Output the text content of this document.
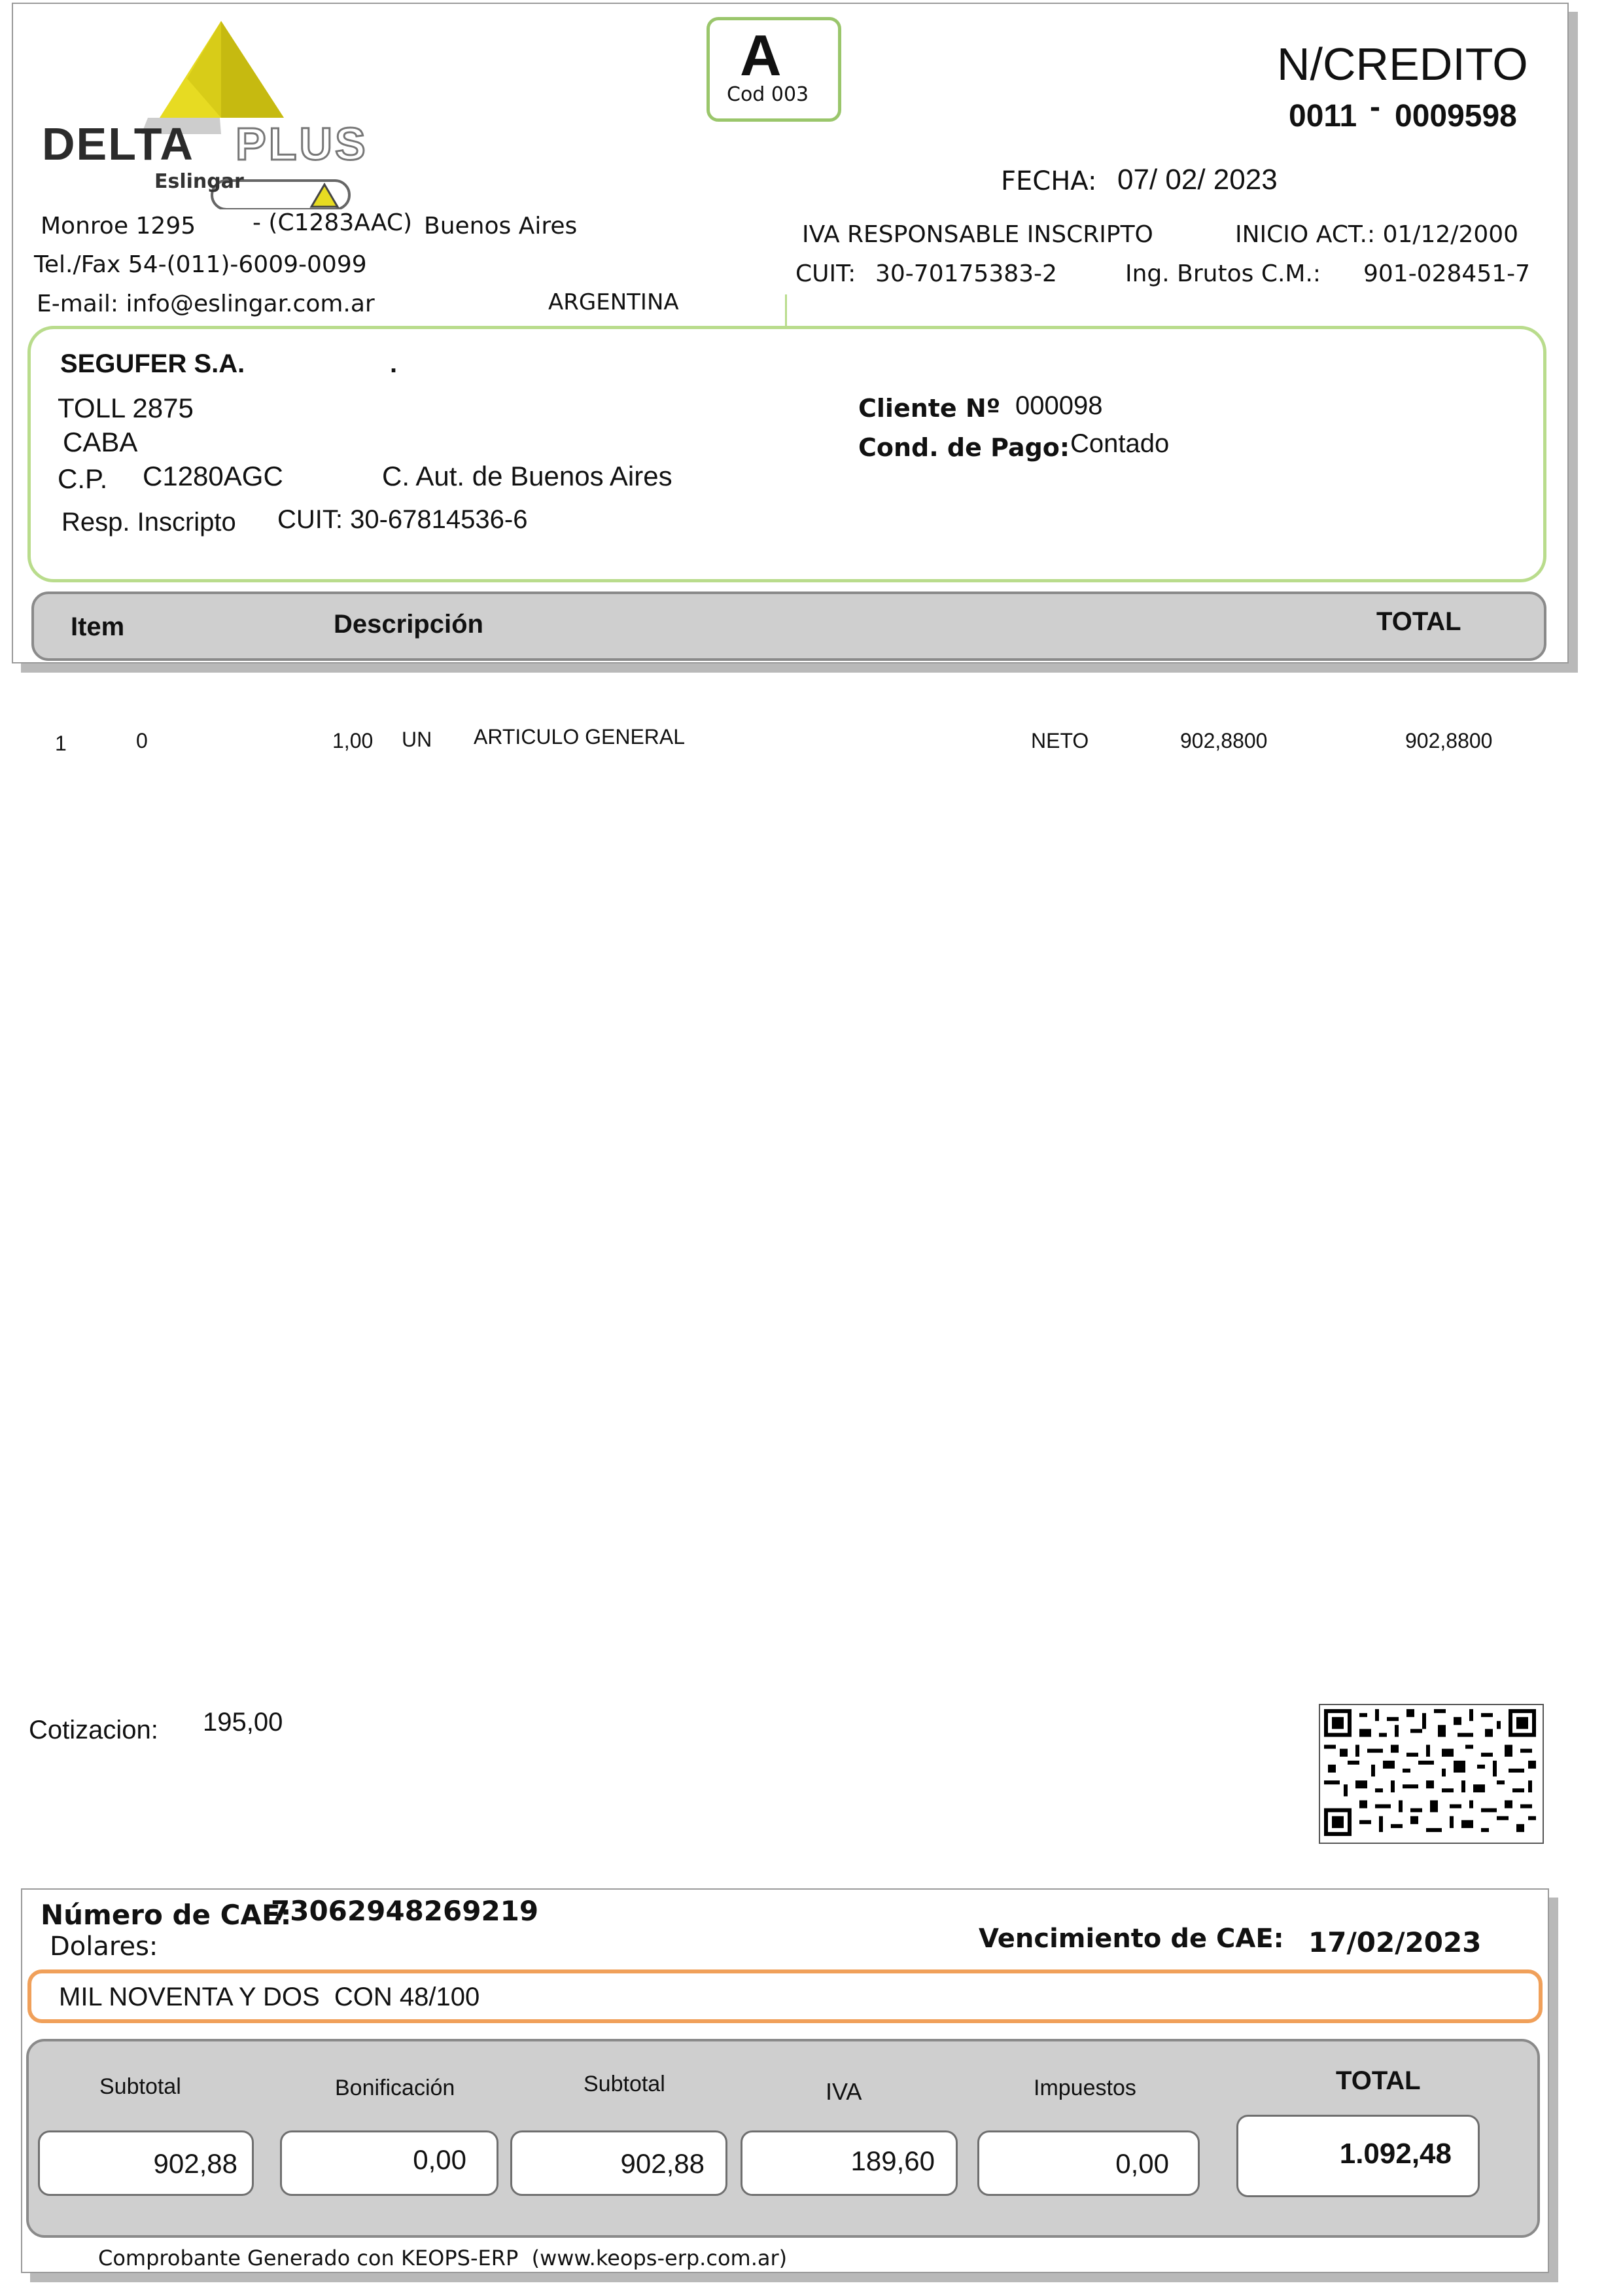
DELTA PLUS
Eslingar
Monroe 1295 - (C1283AAC) Buenos Aires
Tel./Fax 54-(011)-6009-0099
E-mail: info@eslingar.com.ar	ARGENTINA
A
Cod 003
N/CREDITO
0011 - 0009598
FECHA: 07/ 02/ 2023
IVA RESPONSABLE INSCRIPTO	INICIO ACT.: 01/12/2000
CUIT: 30-70175383-2	Ing. Brutos C.M.: 901-028451-7
SEGUFER S.A.	.
TOLL 2875
CABA
C.P. C1280AGC	C. Aut. de Buenos Aires
Resp. Inscripto CUIT: 30-67814536-6
Cliente Nº 000098
Cond. de Pago: Contado
Item	Descripción	TOTAL
1	0	1,00 UN ARTICULO GENERAL	NETO	902,8800	902,8800
Cotizacion: 195,00
Número de CAE:
73062948269219
Dolares:	Vencimiento de CAE: 17/02/2023
MIL NOVENTA Y DOS  CON 48/100
Subtotal	Bonificación	Subtotal	IVA	Impuestos	TOTAL
902,88	0,00	902,88	189,60	0,00	1.092,48
Comprobante Generado con KEOPS-ERP  (www.keops-erp.com.ar)
